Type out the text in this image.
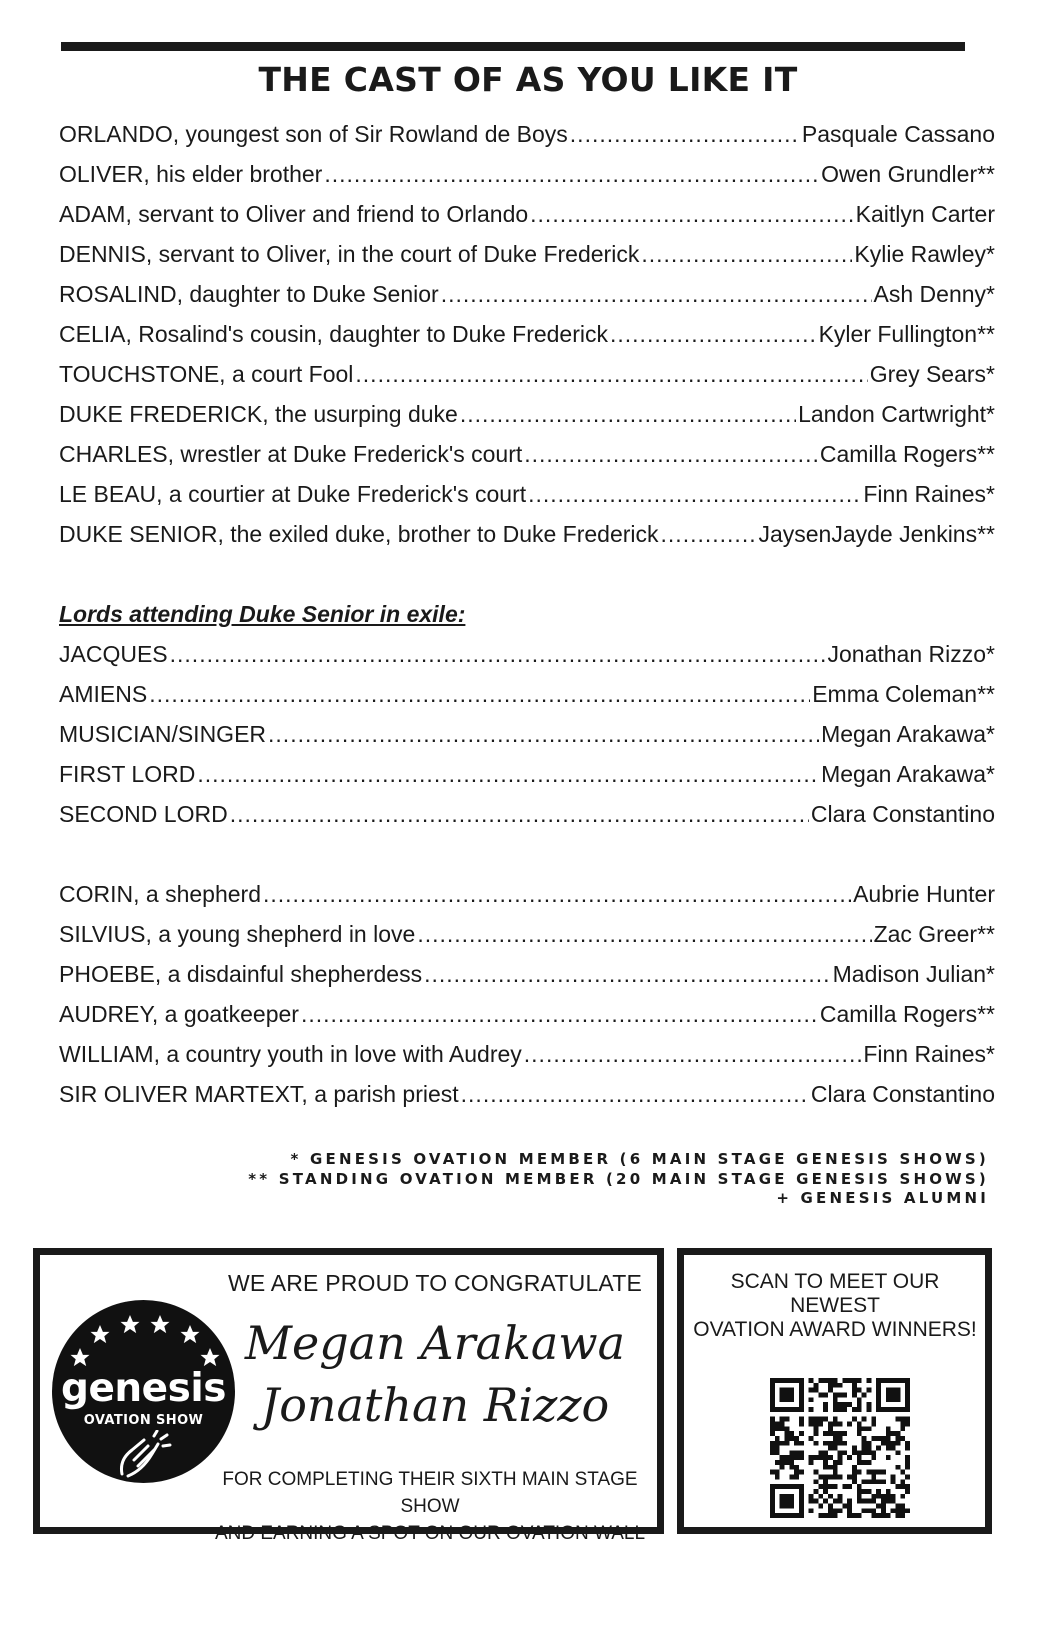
THE CAST OF AS YOU LIKE IT
ORLANDO, youngest son of Sir Rowland de Boys .....	Pasquale Cassano
OLIVER, his elder brother .....	Owen Grundler**
ADAM, servant to Oliver and friend to Orlando .....	Kaitlyn Carter
DENNIS, servant to Oliver, in the court of Duke Frederick .....	Kylie Rawley*
ROSALIND, daughter to Duke Senior .....	Ash Denny*
CELIA, Rosalind's cousin, daughter to Duke Frederick .....	Kyler Fullington**
TOUCHSTONE, a court Fool .....	Grey Sears*
DUKE FREDERICK, the usurping duke .....	Landon Cartwright*
CHARLES, wrestler at Duke Frederick's court .....	Camilla Rogers**
LE BEAU, a courtier at Duke Frederick's court .....	Finn Raines*
DUKE SENIOR, the exiled duke, brother to Duke Frederick .....	JaysenJayde Jenkins**
Lords attending Duke Senior in exile:
JACQUES .....	Jonathan Rizzo*
AMIENS .....	Emma Coleman**
MUSICIAN/SINGER .....	Megan Arakawa*
FIRST LORD .....	Megan Arakawa*
SECOND LORD .....	Clara Constantino
CORIN, a shepherd .....	Aubrie Hunter
SILVIUS, a young shepherd in love .....	Zac Greer**
PHOEBE, a disdainful shepherdess .....	Madison Julian*
AUDREY, a goatkeeper .....	Camilla Rogers**
WILLIAM, a country youth in love with Audrey .....	Finn Raines*
SIR OLIVER MARTEXT, a parish priest .....	Clara Constantino
* GENESIS OVATION MEMBER (6 MAIN STAGE GENESIS SHOWS)
** STANDING OVATION MEMBER (20 MAIN STAGE GENESIS SHOWS)
+ GENESIS ALUMNI
genesis
OVATION SHOW
WE ARE PROUD TO CONGRATULATE
Megan Arakawa
Jonathan Rizzo
FOR COMPLETING THEIR SIXTH MAIN STAGE SHOW
AND EARNING A SPOT ON OUR OVATION WALL
SCAN TO MEET OUR
NEWEST
OVATION AWARD WINNERS!
